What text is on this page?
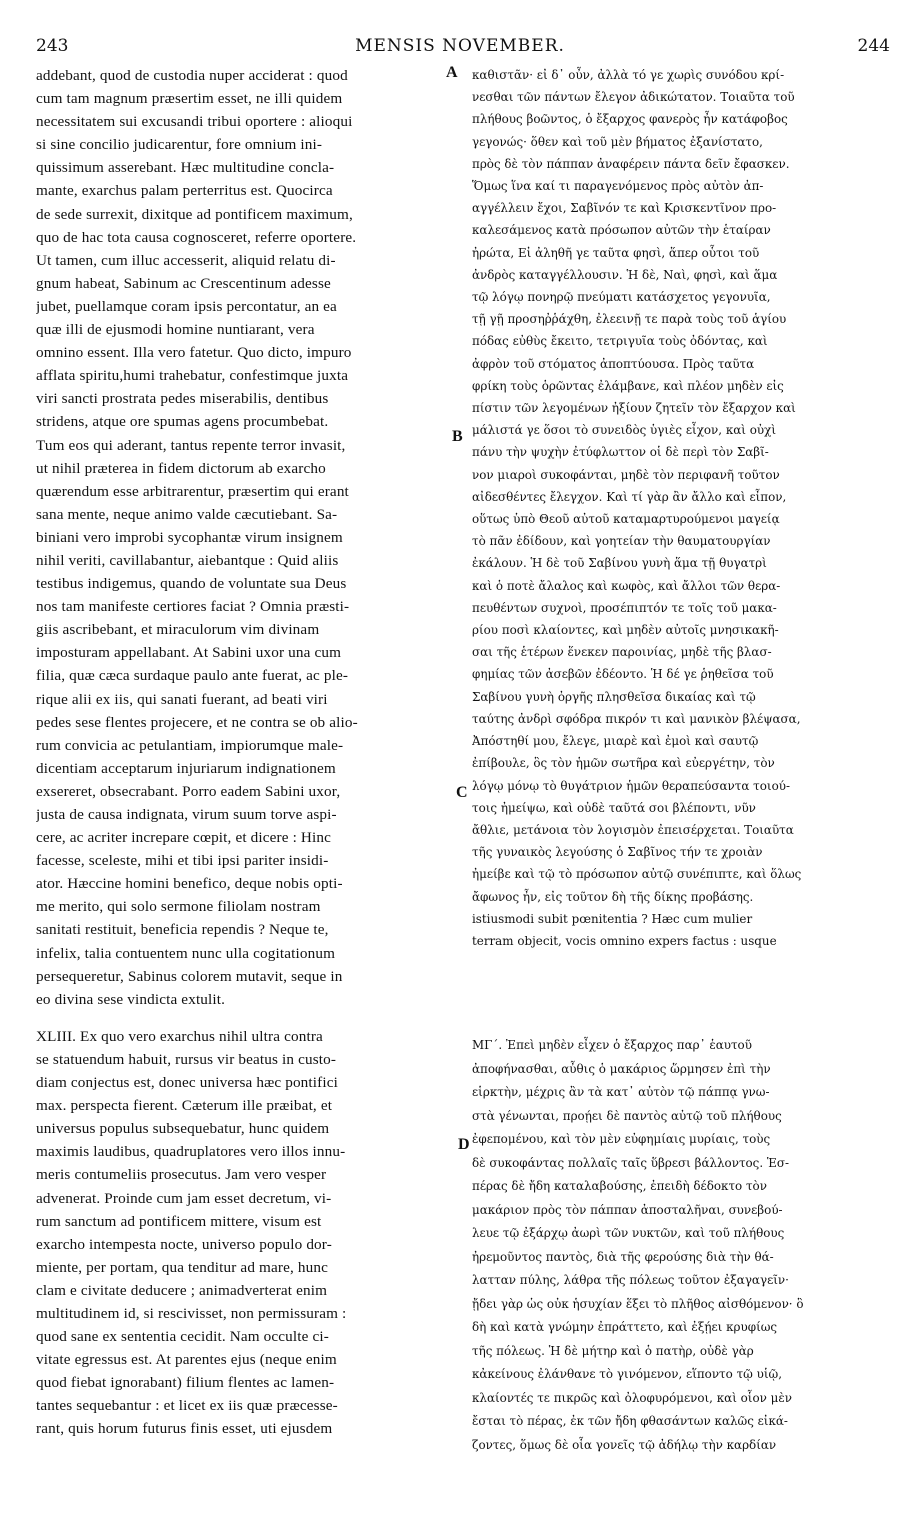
243	MENSIS NOVEMBER.	244
addebant, quod de custodia nuper acciderat : quod
cum tam magnum præsertim esset, ne illi quidem
necessitatem sui excusandi tribui oportere : alioqui
si sine concilio judicarentur, fore omnium ini-
quissimum asserebant. Hæc multitudine concla-
mante, exarchus palam perterritus est. Quocirca
de sede surrexit, dixitque ad pontificem maximum,
quo de hac tota causa cognosceret, referre oportere.
Ut tamen, cum illuc accesserit, aliquid relatu di-
gnum habeat, Sabinum ac Crescentinum adesse
jubet, puellamque coram ipsis percontatur, an ea
quæ illi de ejusmodi homine nuntiarant, vera
omnino essent. Illa vero fatetur. Quo dicto, impuro
afflata spiritu,humi trahebatur, confestimque juxta
viri sancti prostrata pedes miserabilis, dentibus
stridens, atque ore spumas agens procumbebat.
Tum eos qui aderant, tantus repente terror invasit,
ut nihil præterea in fidem dictorum ab exarcho
quærendum esse arbitrarentur, præsertim qui erant
sana mente, neque animo valde cæcutiebant. Sa-
biniani vero improbi sycophantæ virum insignem
nihil veriti, cavillabantur, aiebantque : Quid aliis
testibus indigemus, quando de voluntate sua Deus
nos tam manifeste certiores faciat ? Omnia præsti-
giis ascribebant, et miraculorum vim divinam
imposturam appellabant. At Sabini uxor una cum
filia, quæ cæca surdaque paulo ante fuerat, ac ple-
rique alii ex iis, qui sanati fuerant, ad beati viri
pedes sese flentes projecere, et ne contra se ob alio-
rum convicia ac petulantiam, impiorumque male-
dicentiam acceptarum injuriarum indignationem
exsereret, obsecrabant. Porro eadem Sabini uxor,
justa de causa indignata, virum suum torve aspi-
cere, ac acriter increpare cœpit, et dicere : Hinc
facesse, sceleste, mihi et tibi ipsi pariter insidi-
ator. Hæccine homini benefico, deque nobis opti-
me merito, qui solo sermone filiolam nostram
sanitati restituit, beneficia rependis ? Neque te,
infelix, talia contuentem nunc ulla cogitationum
persequeretur, Sabinus colorem mutavit, seque in
eo divina sese vindicta extulit.
XLIII. Ex quo vero exarchus nihil ultra contra
se statuendum habuit, rursus vir beatus in custo-
diam conjectus est, donec universa hæc pontifici
max. perspecta fierent. Cæterum ille præibat, et
universus populus subsequebatur, hunc quidem
maximis laudibus, quadruplatores vero illos innu-
meris contumeliis prosecutus. Jam vero vesper
advenerat. Proinde cum jam esset decretum, vi-
rum sanctum ad pontificem mittere, visum est
exarcho intempesta nocte, universo populo dor-
miente, per portam, qua tenditur ad mare, hunc
clam e civitate deducere ; animadverterat enim
multitudinem id, si rescivisset, non permissuram :
quod sane ex sententia cecidit. Nam occulte ci-
vitate egressus est. At parentes ejus (neque enim
quod fiebat ignorabant) filium flentes ac lamen-
tantes sequebantur : et licet ex iis quæ præcesse-
rant, quis horum futurus finis esset, uti ejusdem
καθιστᾶν· εἰ δ᾽ οὖν, ἀλλὰ τό γε χωρὶς συνόδου κρί-
νεσθαι τῶν πάντων ἔλεγον ἀδικώτατον. Τοιαῦτα τοῦ
πλήθους βοῶντος, ὁ ἔξαρχος φανερὸς ἦν κατάφοβος
γεγονώς· ὅθεν καὶ τοῦ μὲν βήματος ἐξανίστατο,
πρὸς δὲ τὸν πάππαν ἀναφέρειν πάντα δεῖν ἔφασκεν.
Ὅμως ἵνα καί τι παραγενόμενος πρὸς αὐτὸν ἀπ-
αγγέλλειν ἔχοι, Σαβῖνόν τε καὶ Κρισκεντῖνον προ-
καλεσάμενος κατὰ πρόσωπον αὐτῶν τὴν ἑταίραν
ἠρώτα, Εἰ ἀληθῆ γε ταῦτα φησὶ, ἅπερ οὗτοι τοῦ
ἀνδρὸς καταγγέλλουσιν. Ἡ δὲ, Ναὶ, φησὶ, καὶ ἅμα
τῷ λόγῳ πονηρῷ πνεύματι κατάσχετος γεγονυῖα,
τῇ γῇ προσηῤῥάχθη, ἐλεεινῇ τε παρὰ τοὺς τοῦ ἁγίου
πόδας εὐθὺς ἔκειτο, τετριγυῖα τοὺς ὀδόντας, καὶ
ἀφρὸν τοῦ στόματος ἀποπτύουσα. Πρὸς ταῦτα
φρίκη τοὺς ὁρῶντας ἐλάμβανε, καὶ πλέον μηδὲν εἰς
πίστιν τῶν λεγομένων ἠξίουν ζητεῖν τὸν ἔξαρχον καὶ
μάλιστά γε ὅσοι τὸ συνειδὸς ὑγιὲς εἶχον, καὶ οὐχὶ
πάνυ τὴν ψυχὴν ἐτύφλωττον οἱ δὲ περὶ τὸν Σαβῖ-
νον μιαροὶ συκοφάνται, μηδὲ τὸν περιφανῆ τοῦτον
αἰδεσθέντες ἔλεγχον. Καὶ τί γὰρ ἂν ἄλλο καὶ εἶπον,
οὕτως ὑπὸ Θεοῦ αὐτοῦ καταμαρτυρούμενοι μαγείᾳ
τὸ πᾶν ἐδίδουν, καὶ γοητείαν τὴν θαυματουργίαν
ἐκάλουν. Ἡ δὲ τοῦ Σαβίνου γυνὴ ἅμα τῇ θυγατρὶ
καὶ ὁ ποτὲ ἄλαλος καὶ κωφὸς, καὶ ἄλλοι τῶν θερα-
πευθέντων συχνοὶ, προσέπιπτόν τε τοῖς τοῦ μακα-
ρίου ποσὶ κλαίοντες, καὶ μηδὲν αὐτοῖς μνησικακῆ-
σαι τῆς ἑτέρων ἕνεκεν παροινίας, μηδὲ τῆς βλασ-
φημίας τῶν ἀσεβῶν ἐδέοντο. Ἡ δέ γε ῥηθεῖσα τοῦ
Σαβίνου γυνὴ ὀργῆς πλησθεῖσα δικαίας καὶ τῷ
ταύτης ἀνδρὶ σφόδρα πικρόν τι καὶ μανικὸν βλέψασα,
Ἀπόστηθί μου, ἔλεγε, μιαρὲ καὶ ἐμοὶ καὶ σαυτῷ
ἐπίβουλε, ὃς τὸν ἡμῶν σωτῆρα καὶ εὐεργέτην, τὸν
λόγῳ μόνῳ τὸ θυγάτριον ἡμῶν θεραπεύσαντα τοιού-
τοις ἠμείψω, καὶ οὐδὲ ταῦτά σοι βλέποντι, νῦν
ἄθλιε, μετάνοια τὸν λογισμὸν ἐπεισέρχεται. Τοιαῦτα
τῆς γυναικὸς λεγούσης ὁ Σαβῖνος τήν τε χροιὰν
ἠμείβε καὶ τῷ τὸ πρόσωπον αὐτῷ συνέπιπτε, καὶ ὅλως
ἄφωνος ἦν, εἰς τοῦτον δὴ τῆς δίκης προβάσης.
istiusmodi subit pœnitentia ? Hæc cum mulier
terram objecit, vocis omnino expers factus : usque
ΜΓ΄. Ἐπεὶ μηδὲν εἶχεν ὁ ἔξαρχος παρ᾽ ἑαυτοῦ
ἀποφήνασθαι, αὖθις ὁ μακάριος ὥρμησεν ἐπὶ τὴν
εἱρκτὴν, μέχρις ἂν τὰ κατ᾽ αὐτὸν τῷ πάππᾳ γνω-
στὰ γένωνται, προῄει δὲ παντὸς αὐτῷ τοῦ πλήθους
ἐφεπομένου, καὶ τὸν μὲν εὐφημίαις μυρίαις, τοὺς
δὲ συκοφάντας πολλαῖς ταῖς ὕβρεσι βάλλοντος. Ἑσ-
πέρας δὲ ἤδη καταλαβούσης, ἐπειδὴ δέδοκτο τὸν
μακάριον πρὸς τὸν πάππαν ἀποσταλῆναι, συνεβού-
λευε τῷ ἐξάρχῳ ἀωρὶ τῶν νυκτῶν, καὶ τοῦ πλήθους
ἠρεμοῦντος παντὸς, διὰ τῆς φερούσης διὰ τὴν θά-
λατταν πύλης, λάθρα τῆς πόλεως τοῦτον ἐξαγαγεῖν·
ᾔδει γὰρ ὡς οὐκ ἡσυχίαν ἕξει τὸ πλῆθος αἰσθόμενον· ὃ
δὴ καὶ κατὰ γνώμην ἐπράττετο, καὶ ἐξῄει κρυφίως
τῆς πόλεως. Ἡ δὲ μήτηρ καὶ ὁ πατὴρ, οὐδὲ γὰρ
κἀκείνους ἐλάνθανε τὸ γινόμενον, εἵποντο τῷ υἱῷ,
κλαίοντές τε πικρῶς καὶ ὀλοφυρόμενοι, καὶ οἷον μὲν
ἔσται τὸ πέρας, ἐκ τῶν ἤδη φθασάντων καλῶς εἰκά-
ζοντες, ὅμως δὲ οἷα γονεῖς τῷ ἀδήλῳ τὴν καρδίαν
A
B
C
D
